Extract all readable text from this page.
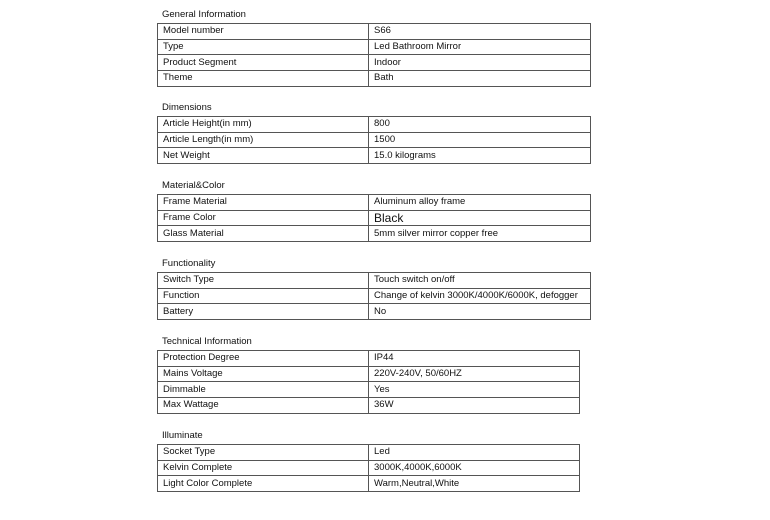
General Information
Model number	S66
Type	Led Bathroom Mirror
Product Segment	Indoor
Theme	Bath
Dimensions
Article Height(in mm)	800
Article Length(in mm)	1500
Net Weight	15.0 kilograms
Material&Color
Frame Material	Aluminum alloy frame
Frame Color	Black
Glass Material	5mm silver mirror copper free
Functionality
Switch Type	Touch switch on/off
Function	Change of kelvin 3000K/4000K/6000K, defogger
Battery	No
Technical Information
Protection Degree	IP44
Mains Voltage	220V-240V, 50/60HZ
Dimmable	Yes
Max Wattage	36W
Illuminate
Socket Type	Led
Kelvin Complete	3000K,4000K,6000K
Light Color Complete	Warm,Neutral,White
